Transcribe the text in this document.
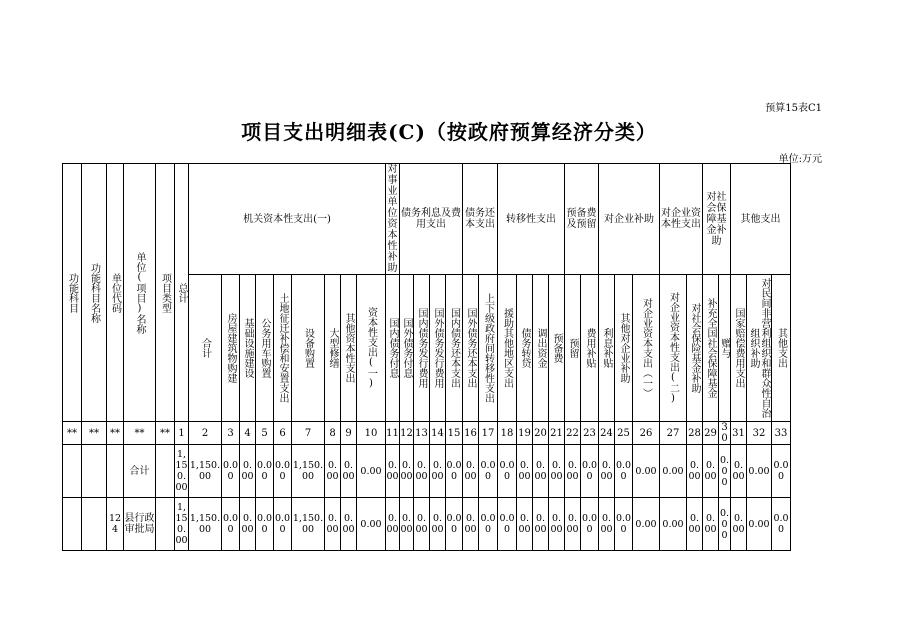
预算15表C1
项目支出明细表(C)（按政府预算经济分类）
单位:万元
功能科目	功能科目名称	单位代码	单位(项目)名称	项目类型	总计	机关资本性支出(一)									对事业单位资本性补助	债务利息及费用支出				债务还本支出		转移性支出				预备费及预留		对企业补助			对企业资本性支出		对社会保障基金补助		其他支出		
						合计	房屋建筑物购建	基础设施建设	公务用车购置	土地征迁补偿和安置支出	设备购置	大型修缮	其他资本性支出	资本性支出(一)	国内债务付息	国外债务付息	国内债务发行费用	国外债务发行费用	国内债务还本支出	国外债务还本支出	上下级政府间转移性支出	援助其他地区支出	债务转贷	调出资金	预备费	预留	费用补贴	利息补贴	其他对企业补助	对企业资本支出（一）	对企业资本性支出(二)	对社会保险基金补助	补充全国社会保障基金	赠与	国家赔偿费用支出	对民间非营利组织和群众性自治组织补助	其他支出
**	**	**	**	**	1	2	3	4	5	6	7	8	9	10	11	12	13	14	15	16	17	18	19	20	21	22	23	24	25	26	27	28	29	30	31	32	33
			合计		1,150.00	1,150.00	0.00	0.00	0.00	0.00	1,150.00	0.00	0.00	0.00	0.00	0.00	0.00	0.00	0.00	0.00	0.00	0.00	0.00	0.00	0.00	0.00	0.00	0.00	0.00	0.00	0.00	0.00	0.00	0.00	0.00	0.00	0.00
		124	县行政审批局		1,150.00	1,150.00	0.00	0.00	0.00	0.00	1,150.00	0.00	0.00	0.00	0.00	0.00	0.00	0.00	0.00	0.00	0.00	0.00	0.00	0.00	0.00	0.00	0.00	0.00	0.00	0.00	0.00	0.00	0.00	0.00	0.00	0.00	0.00
